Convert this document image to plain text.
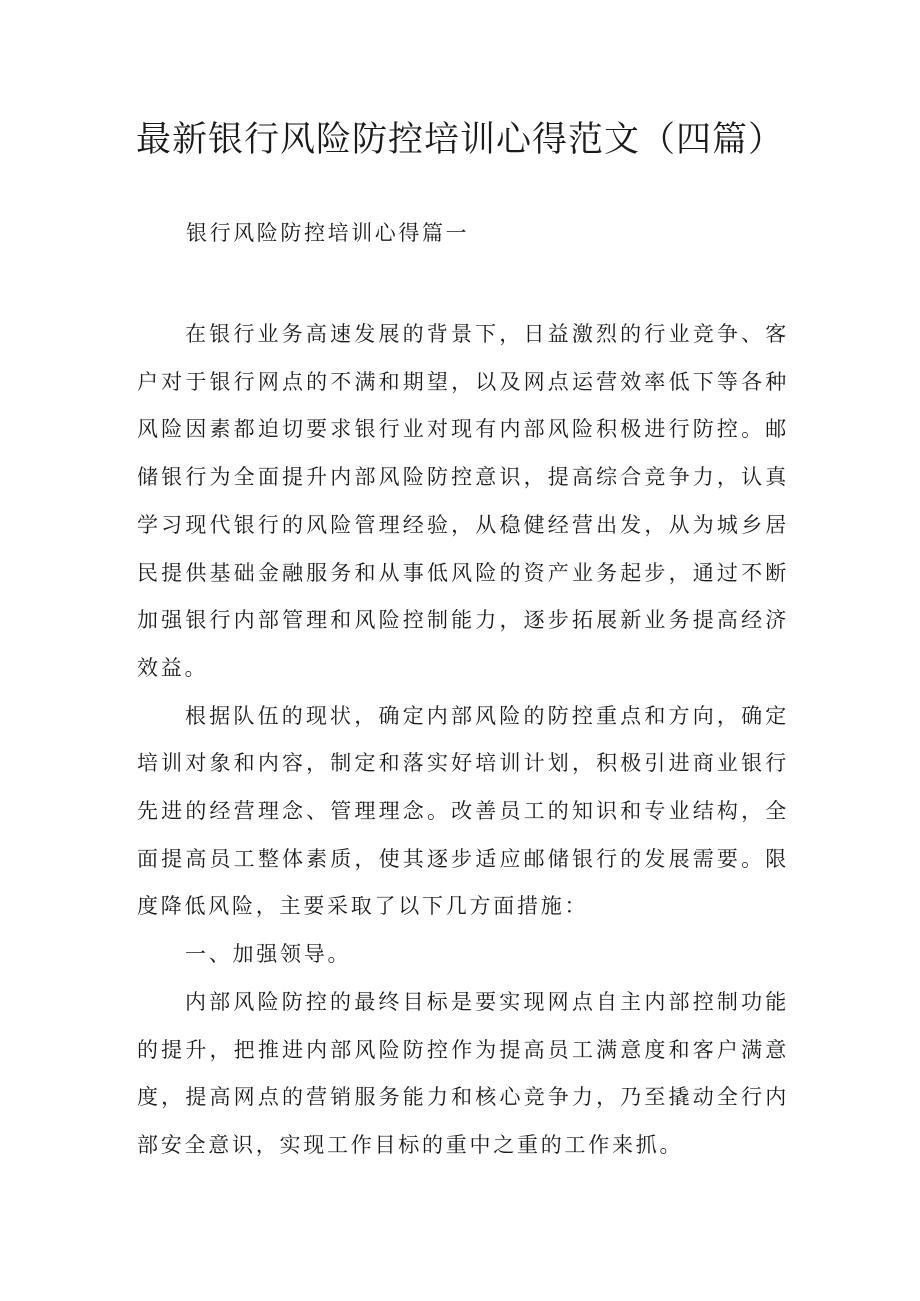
最新银行风险防控培训心得范文（四篇）
银行风险防控培训心得篇一

在银行业务高速发展的背景下，日益激烈的行业竞争、客户对于银行网点的不满和期望，以及网点运营效率低下等各种风险因素都迫切要求银行业对现有内部风险积极进行防控。邮储银行为全面提升内部风险防控意识，提高综合竞争力，认真学习现代银行的风险管理经验，从稳健经营出发，从为城乡居民提供基础金融服务和从事低风险的资产业务起步，通过不断加强银行内部管理和风险控制能力，逐步拓展新业务提高经济效益。

根据队伍的现状，确定内部风险的防控重点和方向，确定培训对象和内容，制定和落实好培训计划，积极引进商业银行先进的经营理念、管理理念。改善员工的知识和专业结构，全面提高员工整体素质，使其逐步适应邮储银行的发展需要。限度降低风险，主要采取了以下几方面措施：

一、加强领导。

内部风险防控的最终目标是要实现网点自主内部控制功能的提升，把推进内部风险防控作为提高员工满意度和客户满意度，提高网点的营销服务能力和核心竞争力，乃至撬动全行内部安全意识，实现工作目标的重中之重的工作来抓。
